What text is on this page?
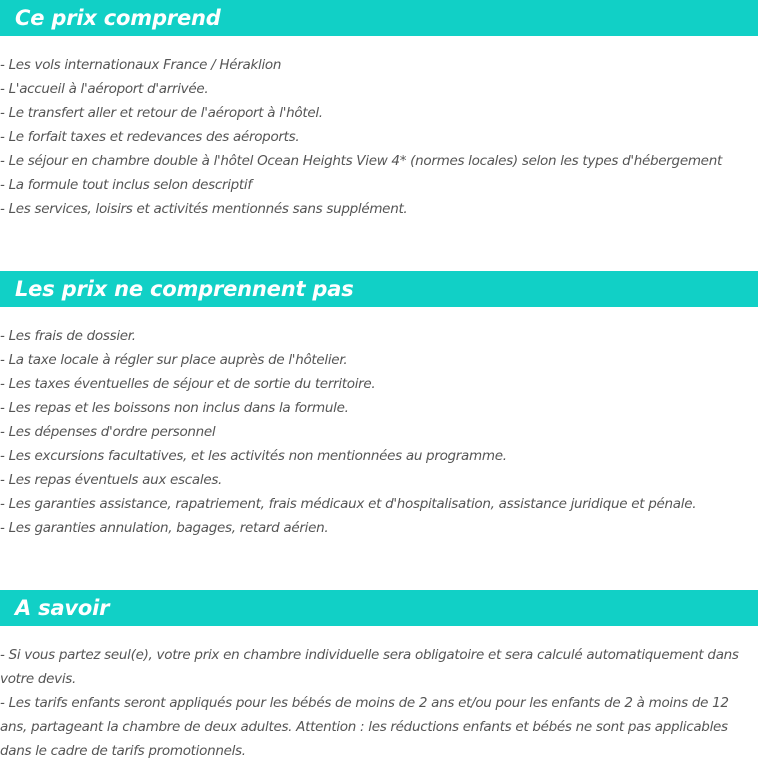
Ce prix comprend
- Les vols internationaux France / Héraklion
- L'accueil à l'aéroport d'arrivée.
- Le transfert aller et retour de l'aéroport à l'hôtel.
- Le forfait taxes et redevances des aéroports.
- Le séjour en chambre double à l'hôtel Ocean Heights View 4* (normes locales) selon les types d'hébergement
- La formule tout inclus selon descriptif
- Les services, loisirs et activités mentionnés sans supplément.
Les prix ne comprennent pas
- Les frais de dossier.
- La taxe locale à régler sur place auprès de l'hôtelier.
- Les taxes éventuelles de séjour et de sortie du territoire.
- Les repas et les boissons non inclus dans la formule.
- Les dépenses d'ordre personnel
- Les excursions facultatives, et les activités non mentionnées au programme.
- Les repas éventuels aux escales.
- Les garanties assistance, rapatriement, frais médicaux et d'hospitalisation, assistance juridique et pénale.
- Les garanties annulation, bagages, retard aérien.
A savoir

- Si vous partez seul(e), votre prix en chambre individuelle sera obligatoire et sera calculé automatiquement dans votre devis.

- Les tarifs enfants seront appliqués pour les bébés de moins de 2 ans et/ou pour les enfants de 2 à moins de 12 ans, partageant la chambre de deux adultes. Attention : les réductions enfants et bébés ne sont pas applicables dans le cadre de tarifs promotionnels.
